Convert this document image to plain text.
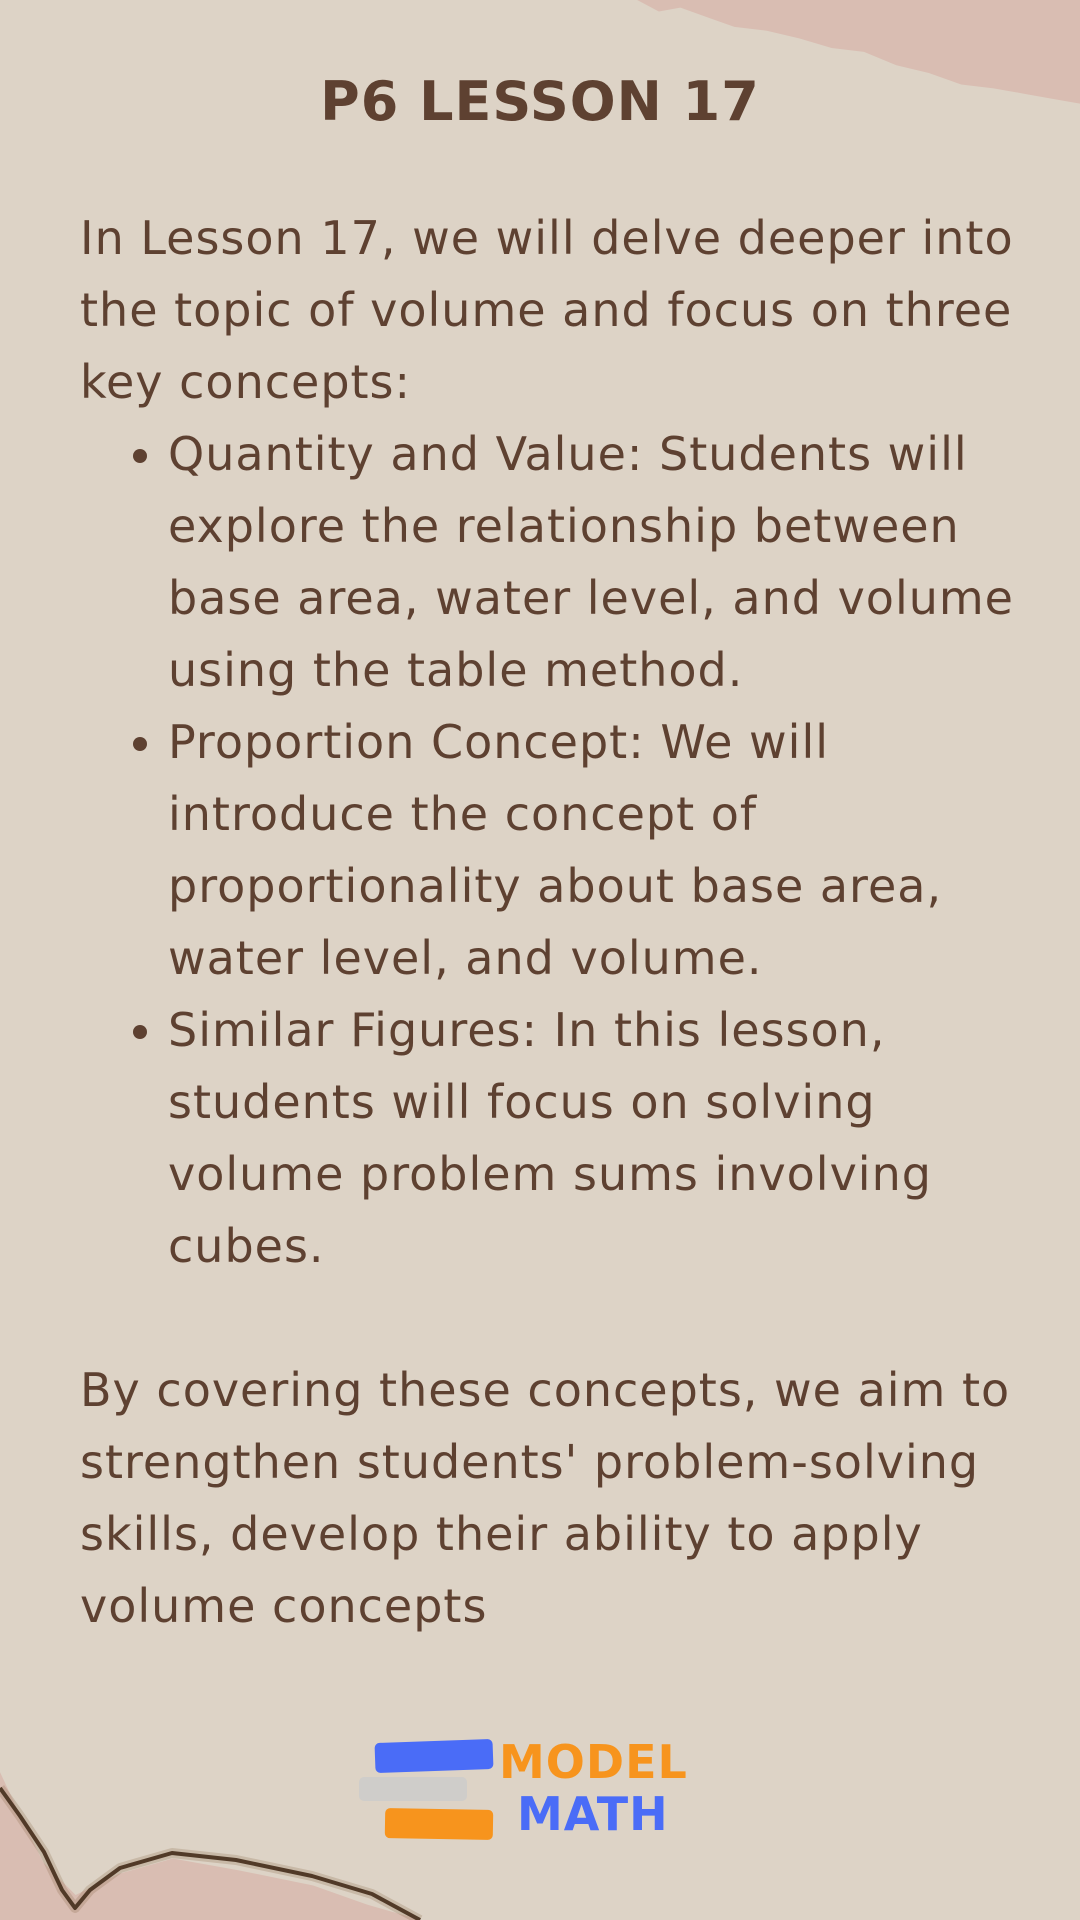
P6 LESSON 17

In Lesson 17, we will delve deeper into the topic of volume and focus on three key concepts:

• Quantity and Value: Students will explore the relationship between base area, water level, and volume using the table method.
• Proportion Concept: We will introduce the concept of proportionality about base area, water level, and volume.
• Similar Figures: In this lesson, students will focus on solving volume problem sums involving cubes.

By covering these concepts, we aim to strengthen students' problem-solving skills, develop their ability to apply volume concepts

MODEL
MATH
